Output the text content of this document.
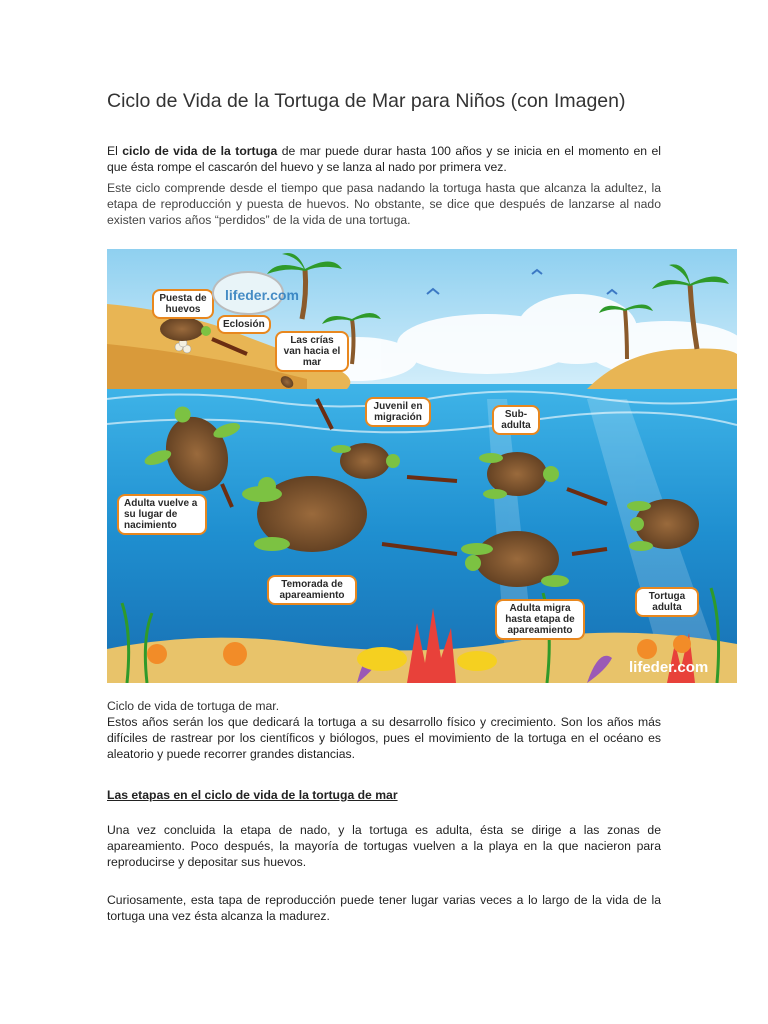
Ciclo de Vida de la Tortuga de Mar para Niños (con Imagen)
El ciclo de vida de la tortuga de mar puede durar hasta 100 años y se inicia en el momento en el que ésta rompe el cascarón del huevo y se lanza al nado por primera vez.
Este ciclo comprende desde el tiempo que pasa nadando la tortuga hasta que alcanza la adultez, la etapa de reproducción y puesta de huevos. No obstante, se dice que después de lanzarse al nado existen varios años “perdidos” de la vida de una tortuga.
Puesta de huevos
lifeder.com
Eclosión
Las crías van hacia el mar
Juvenil en migración	Sub-adulta
Adulta vuelve a su lugar de nacimiento
Temorada de apareamiento
Adulta migra hasta etapa de apareamiento
Tortuga adulta
lifeder.com
Ciclo de vida de tortuga de mar.
Estos años serán los que dedicará la tortuga a su desarrollo físico y crecimiento. Son los años más difíciles de rastrear por los científicos y biólogos, pues el movimiento de la tortuga en el océano es aleatorio y puede recorrer grandes distancias.
Las etapas en el ciclo de vida de la tortuga de mar
Una vez concluida la etapa de nado, y la tortuga es adulta, ésta se dirige a las zonas de apareamiento. Poco después, la mayoría de tortugas vuelven a la playa en la que nacieron para reproducirse y depositar sus huevos.
Curiosamente, esta tapa de reproducción puede tener lugar varias veces a lo largo de la vida de la tortuga una vez ésta alcanza la madurez.
